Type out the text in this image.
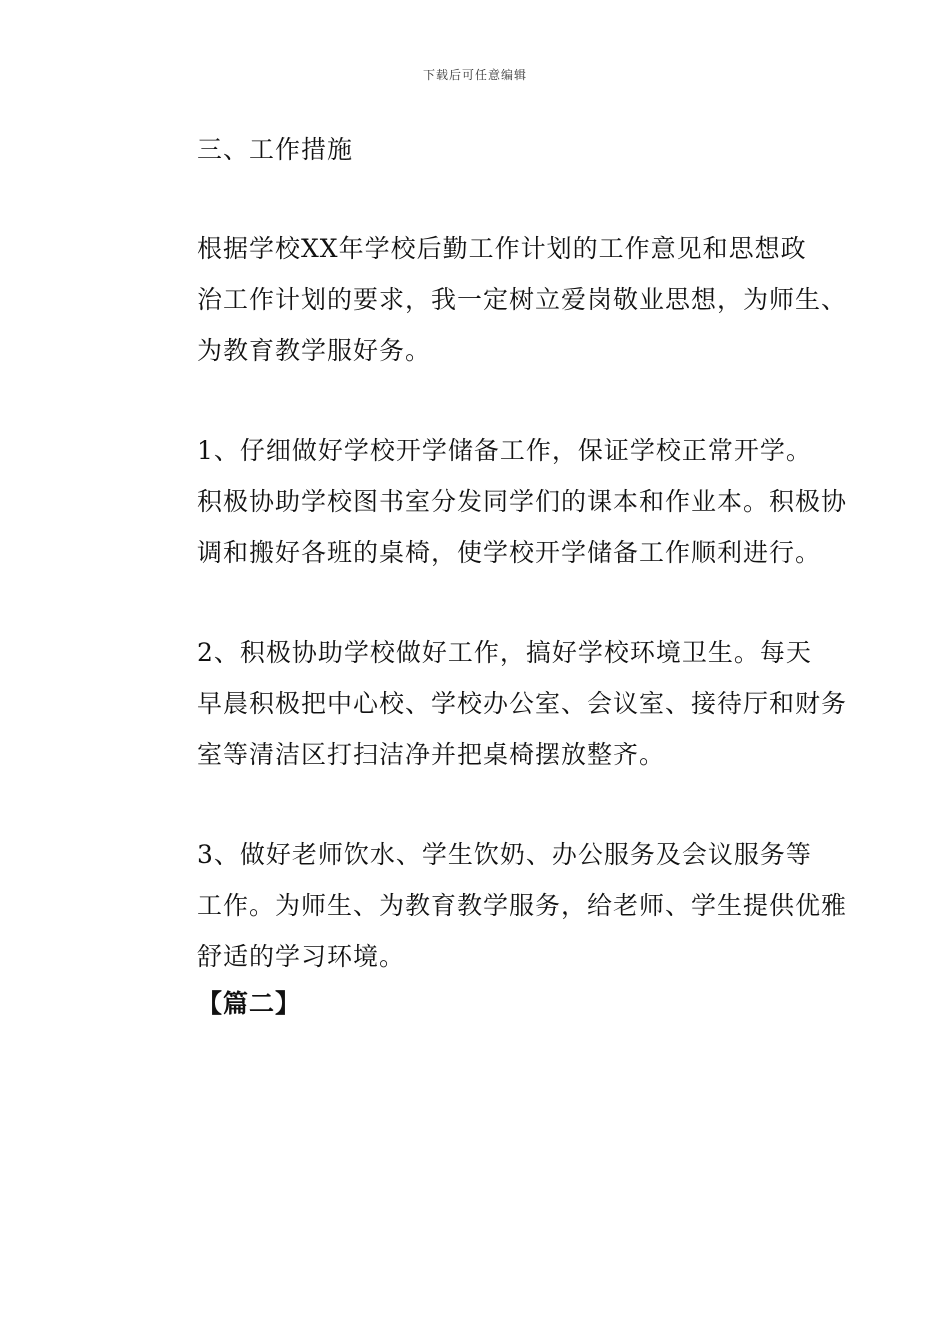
下载后可任意编辑
三、工作措施

根据学校XX年学校后勤工作计划的工作意见和思想政
治工作计划的要求，我一定树立爱岗敬业思想，为师生、
为教育教学服好务。

1、仔细做好学校开学储备工作，保证学校正常开学。
积极协助学校图书室分发同学们的课本和作业本。积极协
调和搬好各班的桌椅，使学校开学储备工作顺利进行。

2、积极协助学校做好工作，搞好学校环境卫生。每天
早晨积极把中心校、学校办公室、会议室、接待厅和财务
室等清洁区打扫洁净并把桌椅摆放整齐。

3、做好老师饮水、学生饮奶、办公服务及会议服务等
工作。为师生、为教育教学服务，给老师、学生提供优雅
舒适的学习环境。

【篇二】
